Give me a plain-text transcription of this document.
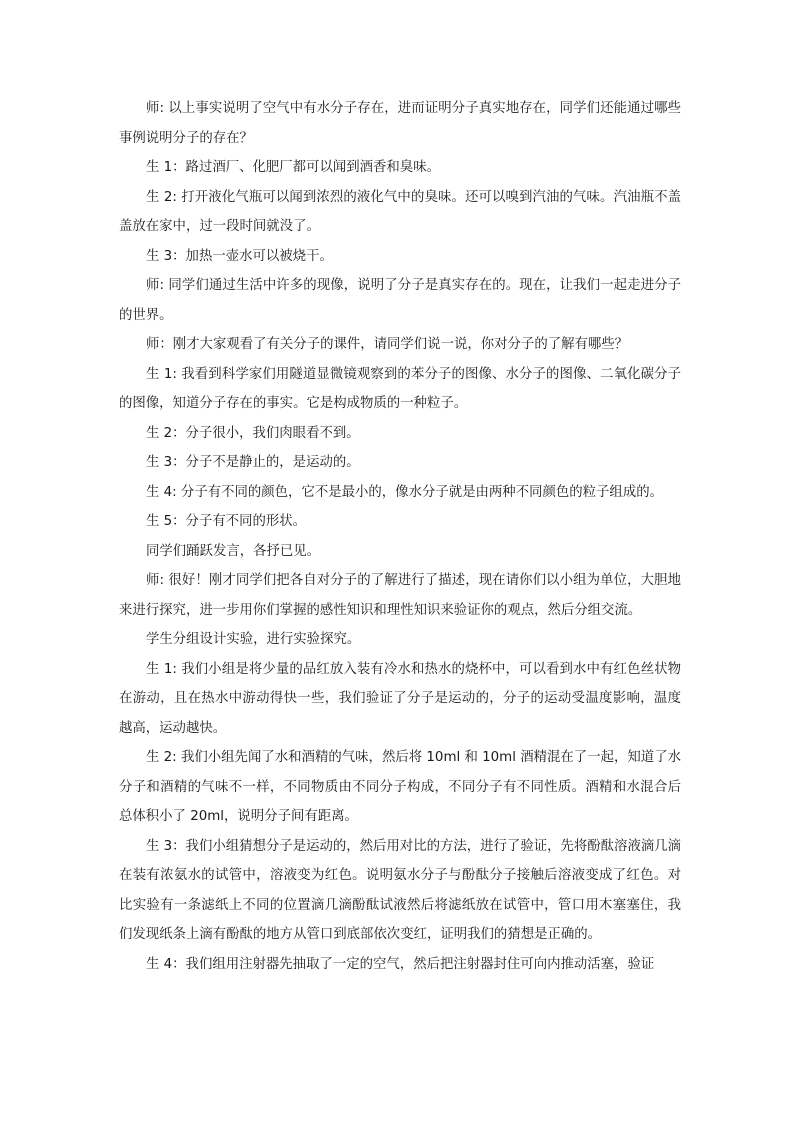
师: 以上事实说明了空气中有水分子存在，进而证明分子真实地存在，同学们还能通过哪些事例说明分子的存在？

生 1：路过酒厂、化肥厂都可以闻到酒香和臭味。

生 2: 打开液化气瓶可以闻到浓烈的液化气中的臭味。还可以嗅到汽油的气味。汽油瓶不盖盖放在家中，过一段时间就没了。

生 3：加热一壶水可以被烧干。

师: 同学们通过生活中许多的现像，说明了分子是真实存在的。现在，让我们一起走进分子的世界。

师：刚才大家观看了有关分子的课件，请同学们说一说，你对分子的了解有哪些？

生 1: 我看到科学家们用隧道显微镜观察到的苯分子的图像、水分子的图像、二氧化碳分子的图像，知道分子存在的事实。它是构成物质的一种粒子。

生 2：分子很小，我们肉眼看不到。

生 3：分子不是静止的，是运动的。

生 4: 分子有不同的颜色，它不是最小的，像水分子就是由两种不同颜色的粒子组成的。

生 5：分子有不同的形状。

同学们踊跃发言，各抒已见。

师: 很好！刚才同学们把各自对分子的了解进行了描述，现在请你们以小组为单位，大胆地来进行探究，进一步用你们掌握的感性知识和理性知识来验证你的观点，然后分组交流。

学生分组设计实验，进行实验探究。

生 1: 我们小组是将少量的品红放入装有冷水和热水的烧杯中，可以看到水中有红色丝状物在游动，且在热水中游动得快一些，我们验证了分子是运动的，分子的运动受温度影响，温度越高，运动越快。

生 2: 我们小组先闻了水和酒精的气味，然后将 10ml 和 10ml 酒精混在了一起，知道了水分子和酒精的气味不一样，不同物质由不同分子构成，不同分子有不同性质。酒精和水混合后总体积小了 20ml，说明分子间有距离。

生 3：我们小组猜想分子是运动的，然后用对比的方法，进行了验证，先将酚酞溶液滴几滴在装有浓氨水的试管中，溶液变为红色。说明氨水分子与酚酞分子接触后溶液变成了红色。对比实验有一条滤纸上不同的位置滴几滴酚酞试液然后将滤纸放在试管中，管口用木塞塞住，我们发现纸条上滴有酚酞的地方从管口到底部依次变红，证明我们的猜想是正确的。

生 4：我们组用注射器先抽取了一定的空气，然后把注射器封住可向内推动活塞，验证
